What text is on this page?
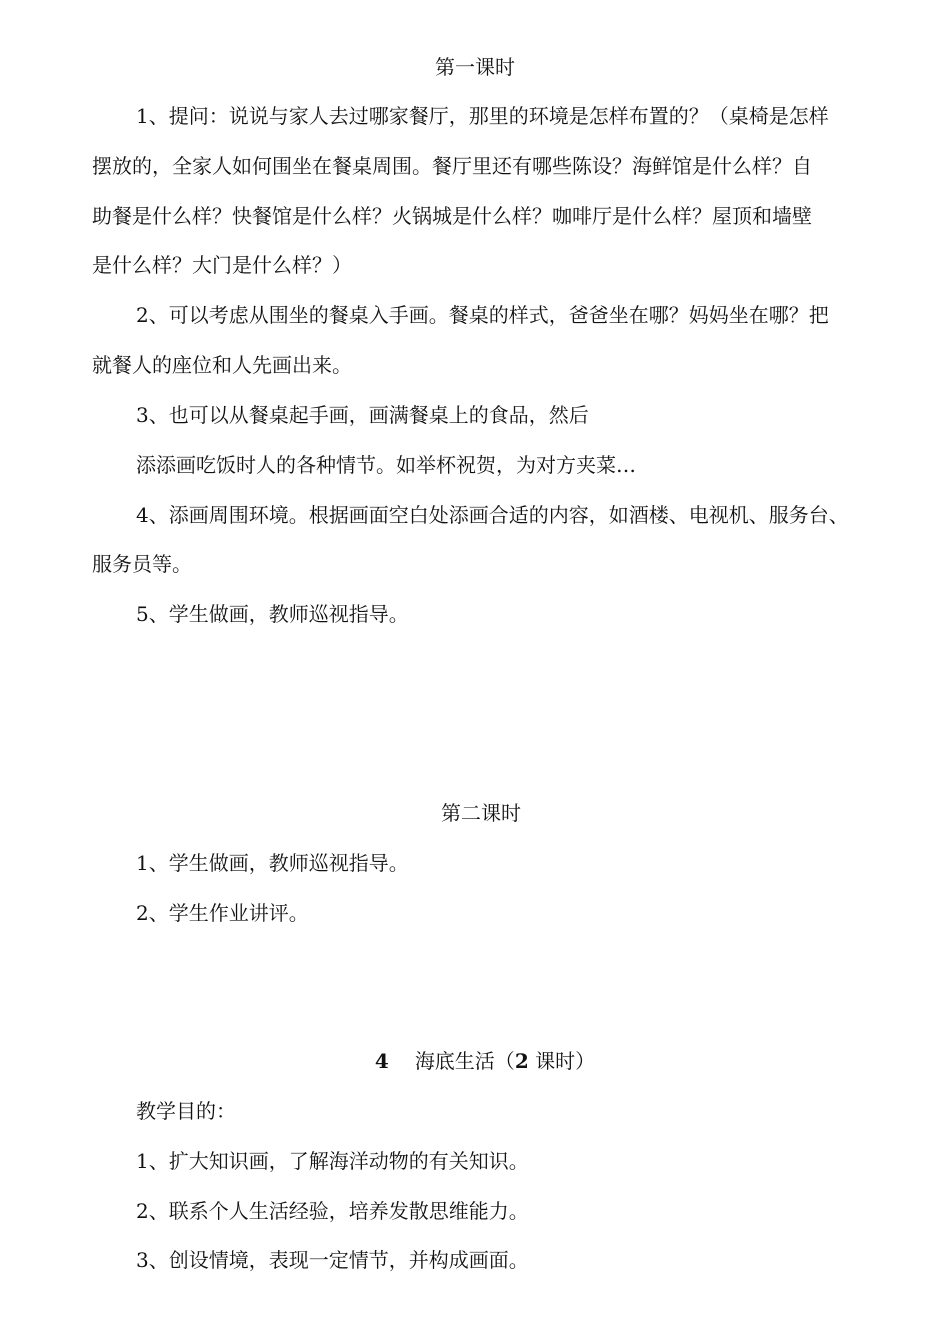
第一课时
1、提问：说说与家人去过哪家餐厅，那里的环境是怎样布置的？（桌椅是怎样
摆放的，全家人如何围坐在餐桌周围。餐厅里还有哪些陈设？海鲜馆是什么样？自
助餐是什么样？快餐馆是什么样？火锅城是什么样？咖啡厅是什么样？屋顶和墙壁
是什么样？大门是什么样？）
2、可以考虑从围坐的餐桌入手画。餐桌的样式，爸爸坐在哪？妈妈坐在哪？把
就餐人的座位和人先画出来。
3、也可以从餐桌起手画，画满餐桌上的食品，然后
添添画吃饭时人的各种情节。如举杯祝贺，为对方夹菜…
4、添画周围环境。根据画面空白处添画合适的内容，如酒楼、电视机、服务台、
服务员等。
5、学生做画，教师巡视指导。
第二课时
1、学生做画，教师巡视指导。
2、学生作业讲评。
4 海底生活（2 课时）
教学目的：
1、扩大知识画，了解海洋动物的有关知识。
2、联系个人生活经验，培养发散思维能力。
3、创设情境，表现一定情节，并构成画面。
